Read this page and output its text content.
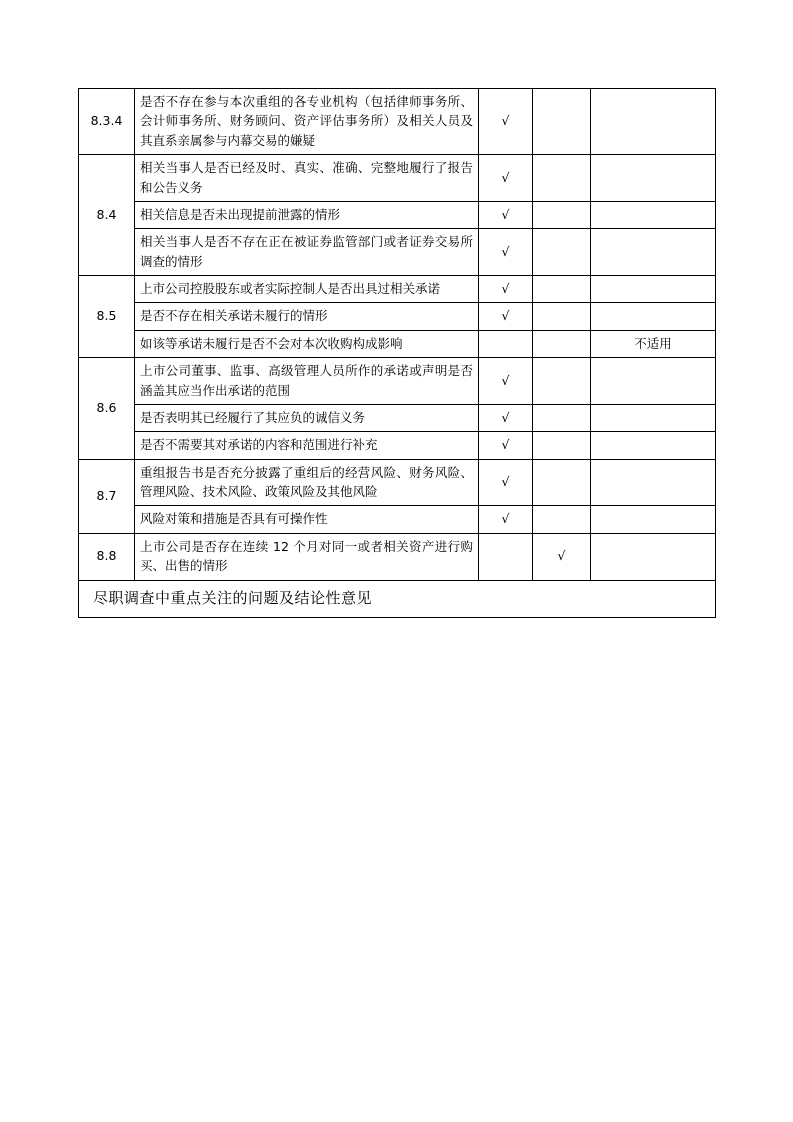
8.3.4	是否不存在参与本次重组的各专业机构（包括律师事务所、会计师事务所、财务顾问、资产评估事务所）及相关人员及其直系亲属参与内幕交易的嫌疑	√		
8.4	相关当事人是否已经及时、真实、准确、完整地履行了报告和公告义务	√		
	相关信息是否未出现提前泄露的情形	√		
	相关当事人是否不存在正在被证券监管部门或者证券交易所调查的情形	√		
8.5	上市公司控股股东或者实际控制人是否出具过相关承诺	√		
	是否不存在相关承诺未履行的情形	√		
	如该等承诺未履行是否不会对本次收购构成影响			不适用
8.6	上市公司董事、监事、高级管理人员所作的承诺或声明是否涵盖其应当作出承诺的范围	√		
	是否表明其已经履行了其应负的诚信义务	√		
	是否不需要其对承诺的内容和范围进行补充	√		
8.7	重组报告书是否充分披露了重组后的经营风险、财务风险、管理风险、技术风险、政策风险及其他风险	√		
	风险对策和措施是否具有可操作性	√		
8.8	上市公司是否存在连续 12 个月对同一或者相关资产进行购买、出售的情形		√	
尽职调查中重点关注的问题及结论性意见				
